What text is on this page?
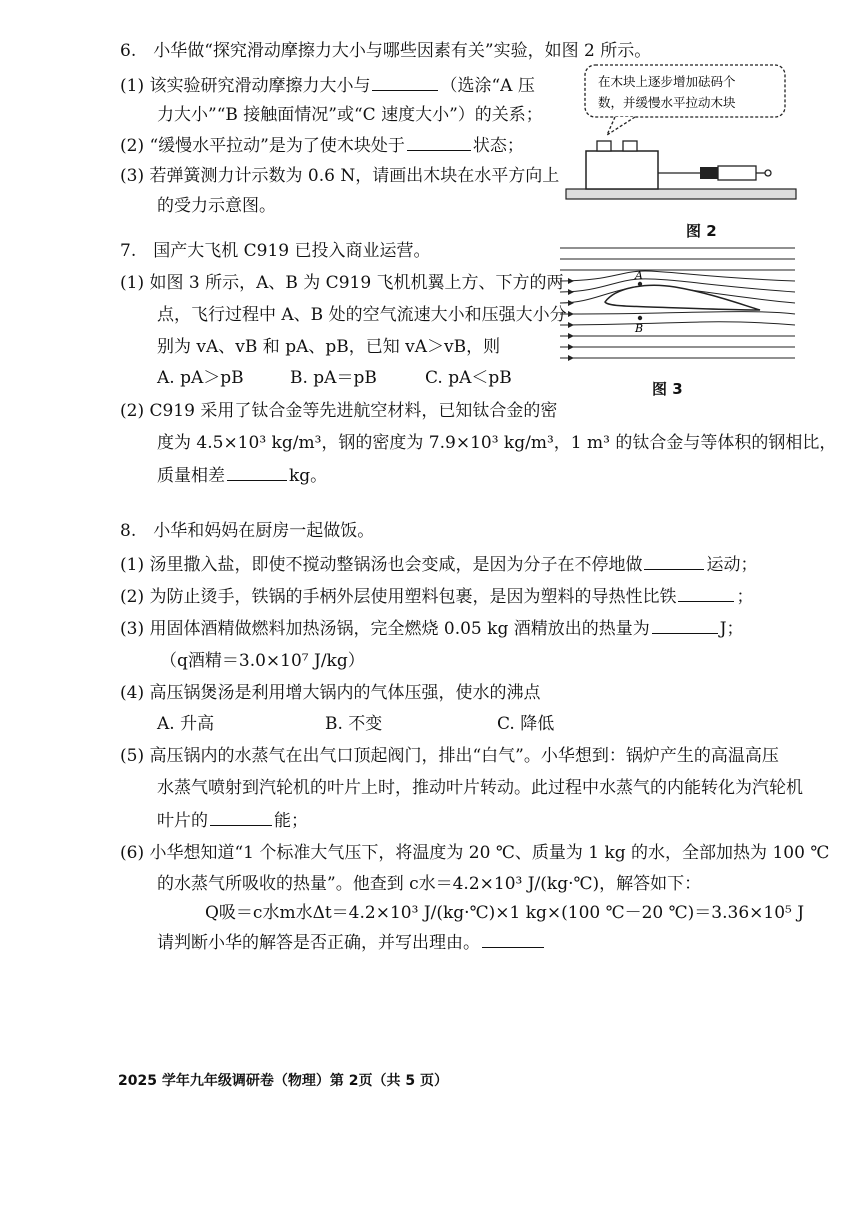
6.　小华做“探究滑动摩擦力大小与哪些因素有关”实验，如图 2 所示。
(1) 该实验研究滑动摩擦力大小与	（选涂“A 压
力大小”“B 接触面情况”或“C 速度大小”）的关系；
(2) “缓慢水平拉动”是为了使木块处于	状态；
(3) 若弹簧测力计示数为 0.6 N，请画出木块在水平方向上
的受力示意图。
在木块上逐步增加砝码个
数，并缓慢水平拉动木块
图 2
7.　国产大飞机 C919 已投入商业运营。
(1) 如图 3 所示，A、B 为 C919 飞机机翼上方、下方的两
点，飞行过程中 A、B 处的空气流速大小和压强大小分
别为 vA、vB 和 pA、pB，已知 vA＞vB，则
A. pA＞pB	B. pA＝pB	C. pA＜pB
(2) C919 采用了钛合金等先进航空材料，已知钛合金的密
度为 4.5×10³ kg/m³，钢的密度为 7.9×10³ kg/m³，1 m³ 的钛合金与等体积的钢相比，
质量相差	kg。
A
B
图 3
8.　小华和妈妈在厨房一起做饭。
(1) 汤里撒入盐，即使不搅动整锅汤也会变咸，是因为分子在不停地做	运动；
(2) 为防止烫手，铁锅的手柄外层使用塑料包裹，是因为塑料的导热性比铁	；
(3) 用固体酒精做燃料加热汤锅，完全燃烧 0.05 kg 酒精放出的热量为	J；
（q酒精＝3.0×10⁷ J/kg）
(4) 高压锅煲汤是利用增大锅内的气体压强，使水的沸点
A. 升高	B. 不变	C. 降低
(5) 高压锅内的水蒸气在出气口顶起阀门，排出“白气”。小华想到：锅炉产生的高温高压
水蒸气喷射到汽轮机的叶片上时，推动叶片转动。此过程中水蒸气的内能转化为汽轮机
叶片的	能；
(6) 小华想知道“1 个标准大气压下，将温度为 20 ℃、质量为 1 kg 的水，全部加热为 100 ℃
的水蒸气所吸收的热量”。他查到 c水＝4.2×10³ J/(kg·℃)，解答如下：
Q吸＝c水m水Δt＝4.2×10³ J/(kg·℃)×1 kg×(100 ℃－20 ℃)＝3.36×10⁵ J
请判断小华的解答是否正确，并写出理由。
2025 学年九年级调研卷（物理）第 2页（共 5 页）
